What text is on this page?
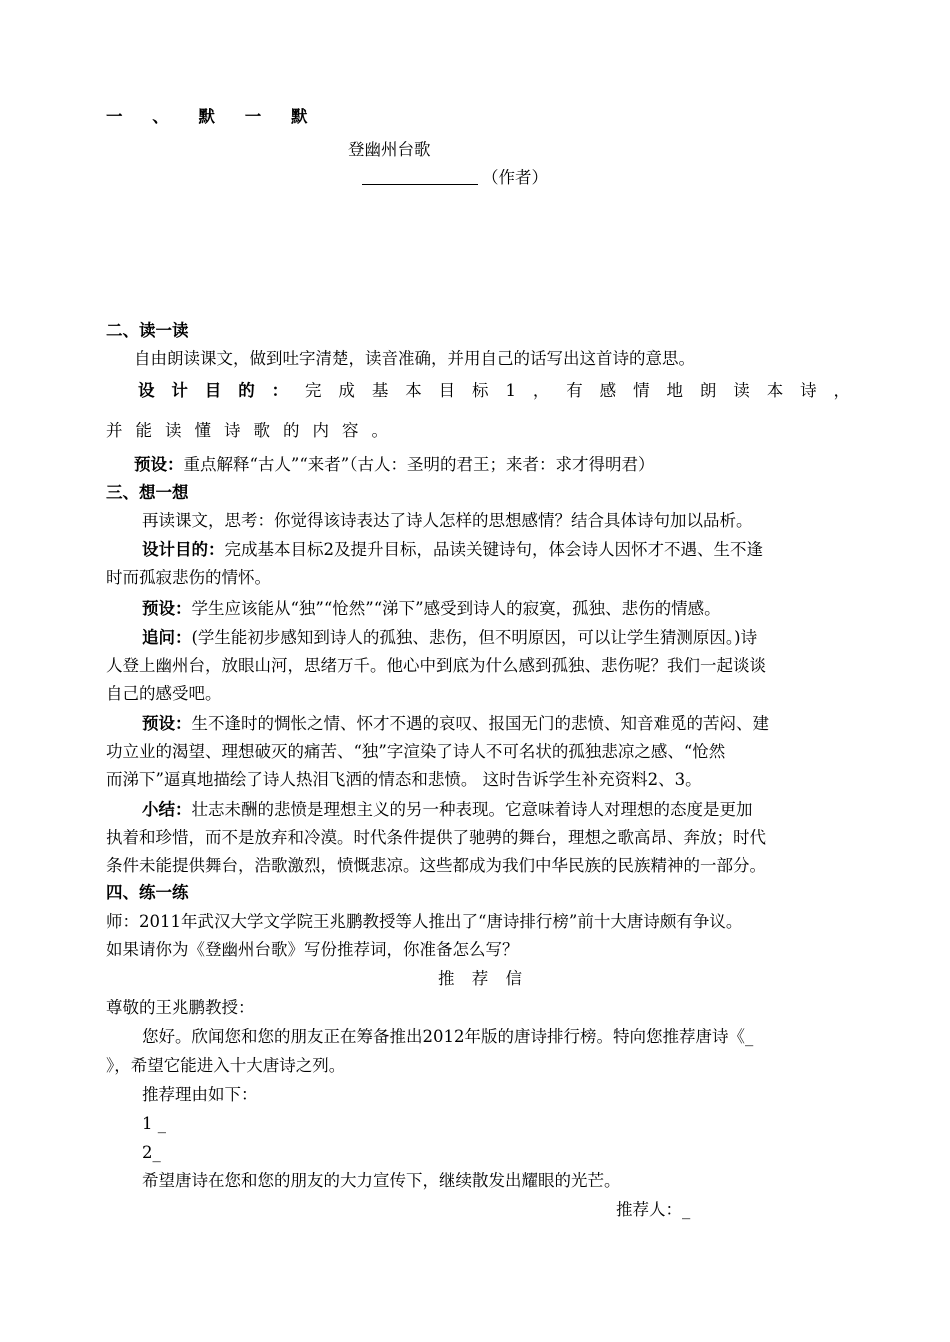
一 、 默 一 默
登幽州台歌
（作者）
二、读一读
自由朗读课文，做到吐字清楚，读音准确，并用自己的话写出这首诗的意思。
设计目的：完成基本目标1，有感情地朗读本诗，
并能读懂诗歌的内容。
预设：重点解释“古人”“来者”（古人：圣明的君王；来者：求才得明君）
三、想一想
再读课文，思考：你觉得该诗表达了诗人怎样的思想感情？结合具体诗句加以品析。
设计目的：完成基本目标2及提升目标，品读关键诗句，体会诗人因怀才不遇、生不逢
时而孤寂悲伤的情怀。
预设：学生应该能从“独”“怆然”“涕下”感受到诗人的寂寞，孤独、悲伤的情感。
追问：(学生能初步感知到诗人的孤独、悲伤，但不明原因，可以让学生猜测原因。)诗
人登上幽州台，放眼山河，思绪万千。他心中到底为什么感到孤独、悲伤呢？我们一起谈谈
自己的感受吧。
预设：生不逢时的惆怅之情、怀才不遇的哀叹、报国无门的悲愤、知音难觅的苦闷、建
功立业的渴望、理想破灭的痛苦、“独”字渲染了诗人不可名状的孤独悲凉之感、“怆然
而涕下”逼真地描绘了诗人热泪飞洒的情态和悲愤。 这时告诉学生补充资料2、3。
小结：壮志未酬的悲愤是理想主义的另一种表现。它意味着诗人对理想的态度是更加
执着和珍惜，而不是放弃和冷漠。时代条件提供了驰骋的舞台，理想之歌高昂、奔放；时代
条件未能提供舞台，浩歌激烈，愤慨悲凉。这些都成为我们中华民族的民族精神的一部分。
四、练一练
师：2011年武汉大学文学院王兆鹏教授等人推出了“唐诗排行榜”前十大唐诗颇有争议。
如果请你为《登幽州台歌》写份推荐词，你准备怎么写？
推 荐 信
尊敬的王兆鹏教授：
您好。欣闻您和您的朋友正在筹备推出2012年版的唐诗排行榜。特向您推荐唐诗《_
》，希望它能进入十大唐诗之列。
推荐理由如下：
1 _
2_
希望唐诗在您和您的朋友的大力宣传下，继续散发出耀眼的光芒。
推荐人：_
